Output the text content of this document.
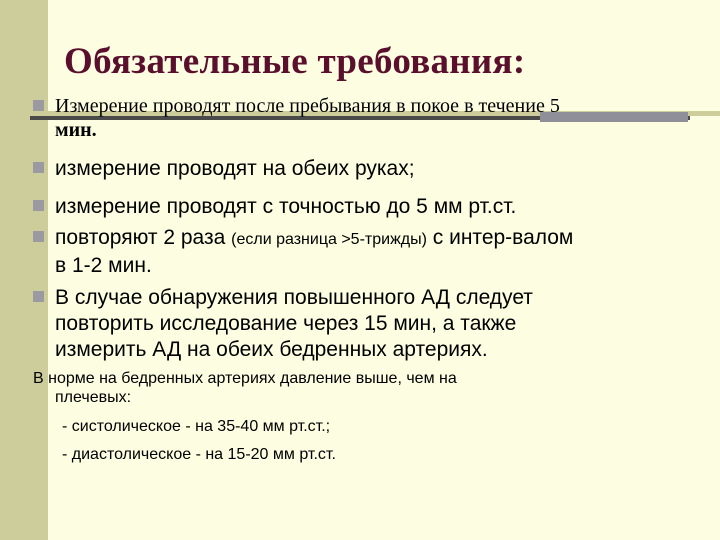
Обязательные требования:
Измерение проводят после пребывания в покое в течение 5
мин.
измерение проводят на обеих руках;
измерение проводят с точностью до 5 мм рт.ст.
повторяют 2 раза (если разница >5-трижды) с интер-валом
в 1-2 мин.
В случае обнаружения повышенного АД следует
повторить исследование через 15 мин, а также
измерить АД на обеих бедренных артериях.
В норме на бедренных артериях давление выше, чем на
плечевых:
- систолическое - на 35-40 мм рт.ст.;
- диастолическое - на 15-20 мм рт.ст.
